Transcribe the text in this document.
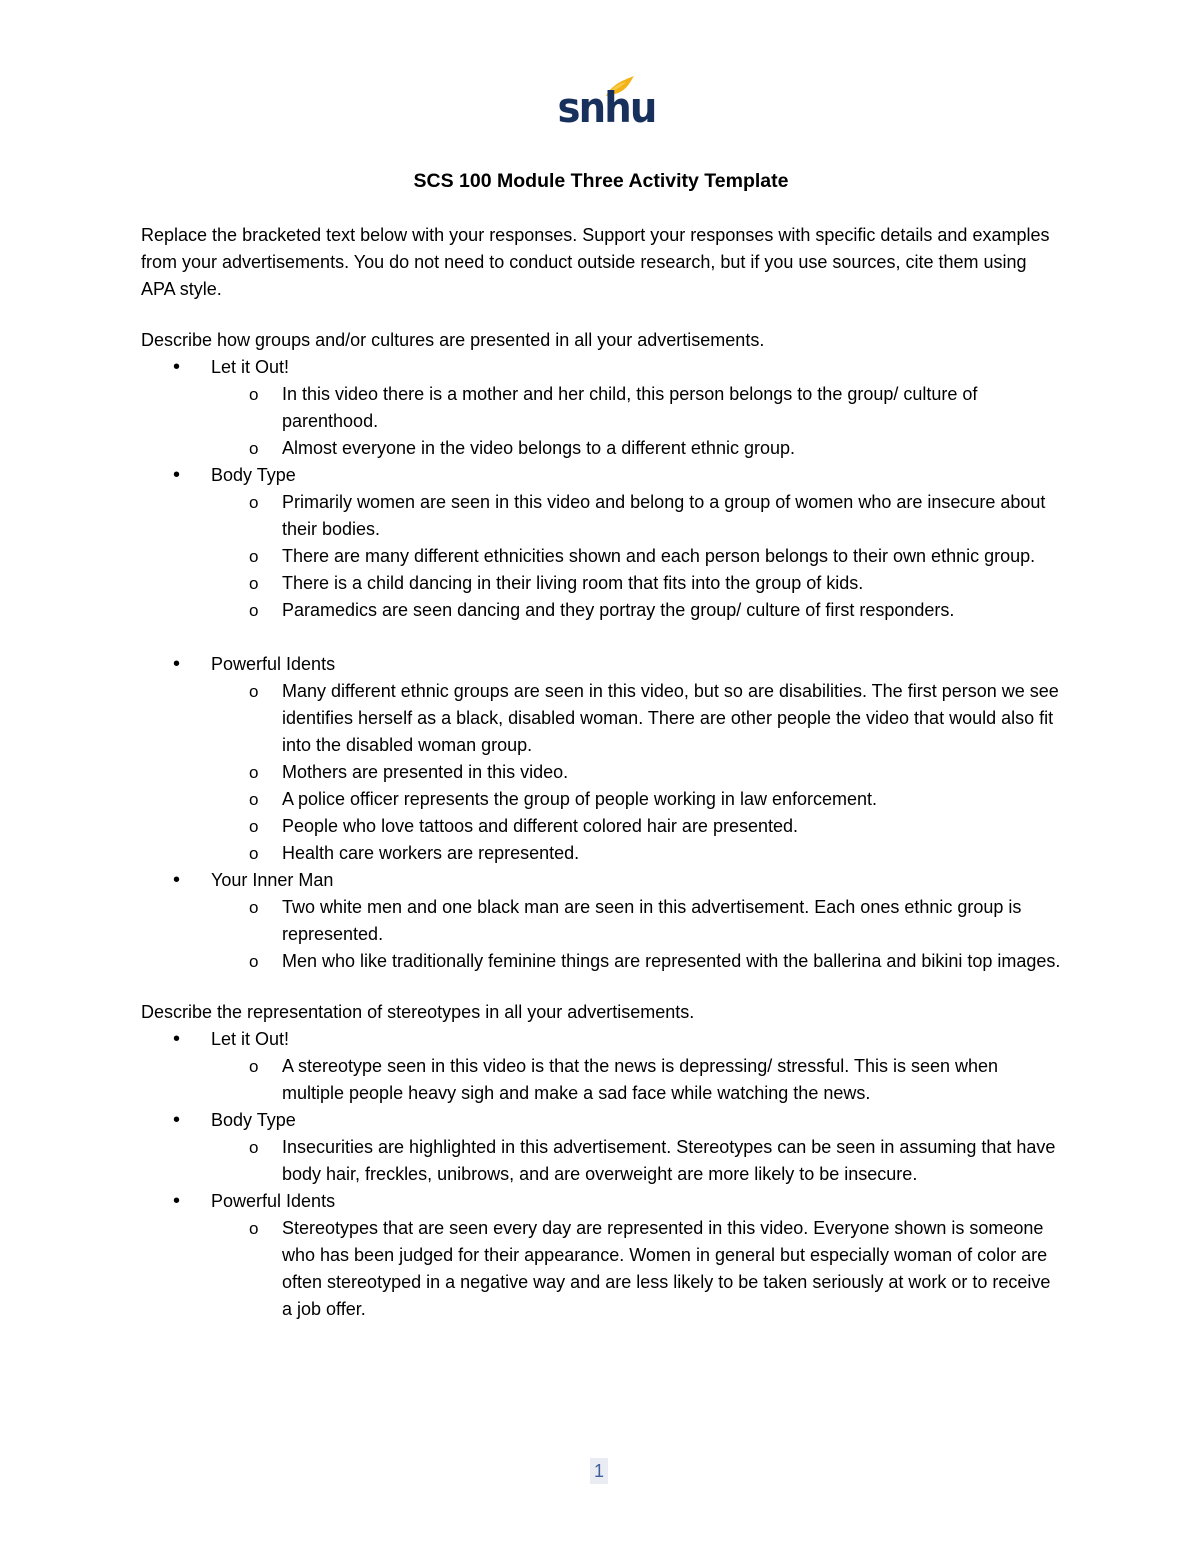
snhu
SCS 100 Module Three Activity Template

Replace the bracketed text below with your responses. Support your responses with specific details and examples from your advertisements. You do not need to conduct outside research, but if you use sources, cite them using APA style.

Describe how groups and/or cultures are presented in all your advertisements.

• Let it Out!
o In this video there is a mother and her child, this person belongs to the group/ culture of parenthood.
o Almost everyone in the video belongs to a different ethnic group.
• Body Type
o Primarily women are seen in this video and belong to a group of women who are insecure about their bodies.
o There are many different ethnicities shown and each person belongs to their own ethnic group.
o There is a child dancing in their living room that fits into the group of kids.
o Paramedics are seen dancing and they portray the group/ culture of first responders.
• Powerful Idents
o Many different ethnic groups are seen in this video, but so are disabilities. The first person we see identifies herself as a black, disabled woman. There are other people the video that would also fit into the disabled woman group.
o Mothers are presented in this video.
o A police officer represents the group of people working in law enforcement.
o People who love tattoos and different colored hair are presented.
o Health care workers are represented.
• Your Inner Man
o Two white men and one black man are seen in this advertisement. Each ones ethnic group is represented.
o Men who like traditionally feminine things are represented with the ballerina and bikini top images.

Describe the representation of stereotypes in all your advertisements.

• Let it Out!
o A stereotype seen in this video is that the news is depressing/ stressful. This is seen when multiple people heavy sigh and make a sad face while watching the news.
• Body Type
o Insecurities are highlighted in this advertisement. Stereotypes can be seen in assuming that have body hair, freckles, unibrows, and are overweight are more likely to be insecure.
• Powerful Idents
o Stereotypes that are seen every day are represented in this video. Everyone shown is someone who has been judged for their appearance. Women in general but especially woman of color are often stereotyped in a negative way and are less likely to be taken seriously at work or to receive a job offer.
1
